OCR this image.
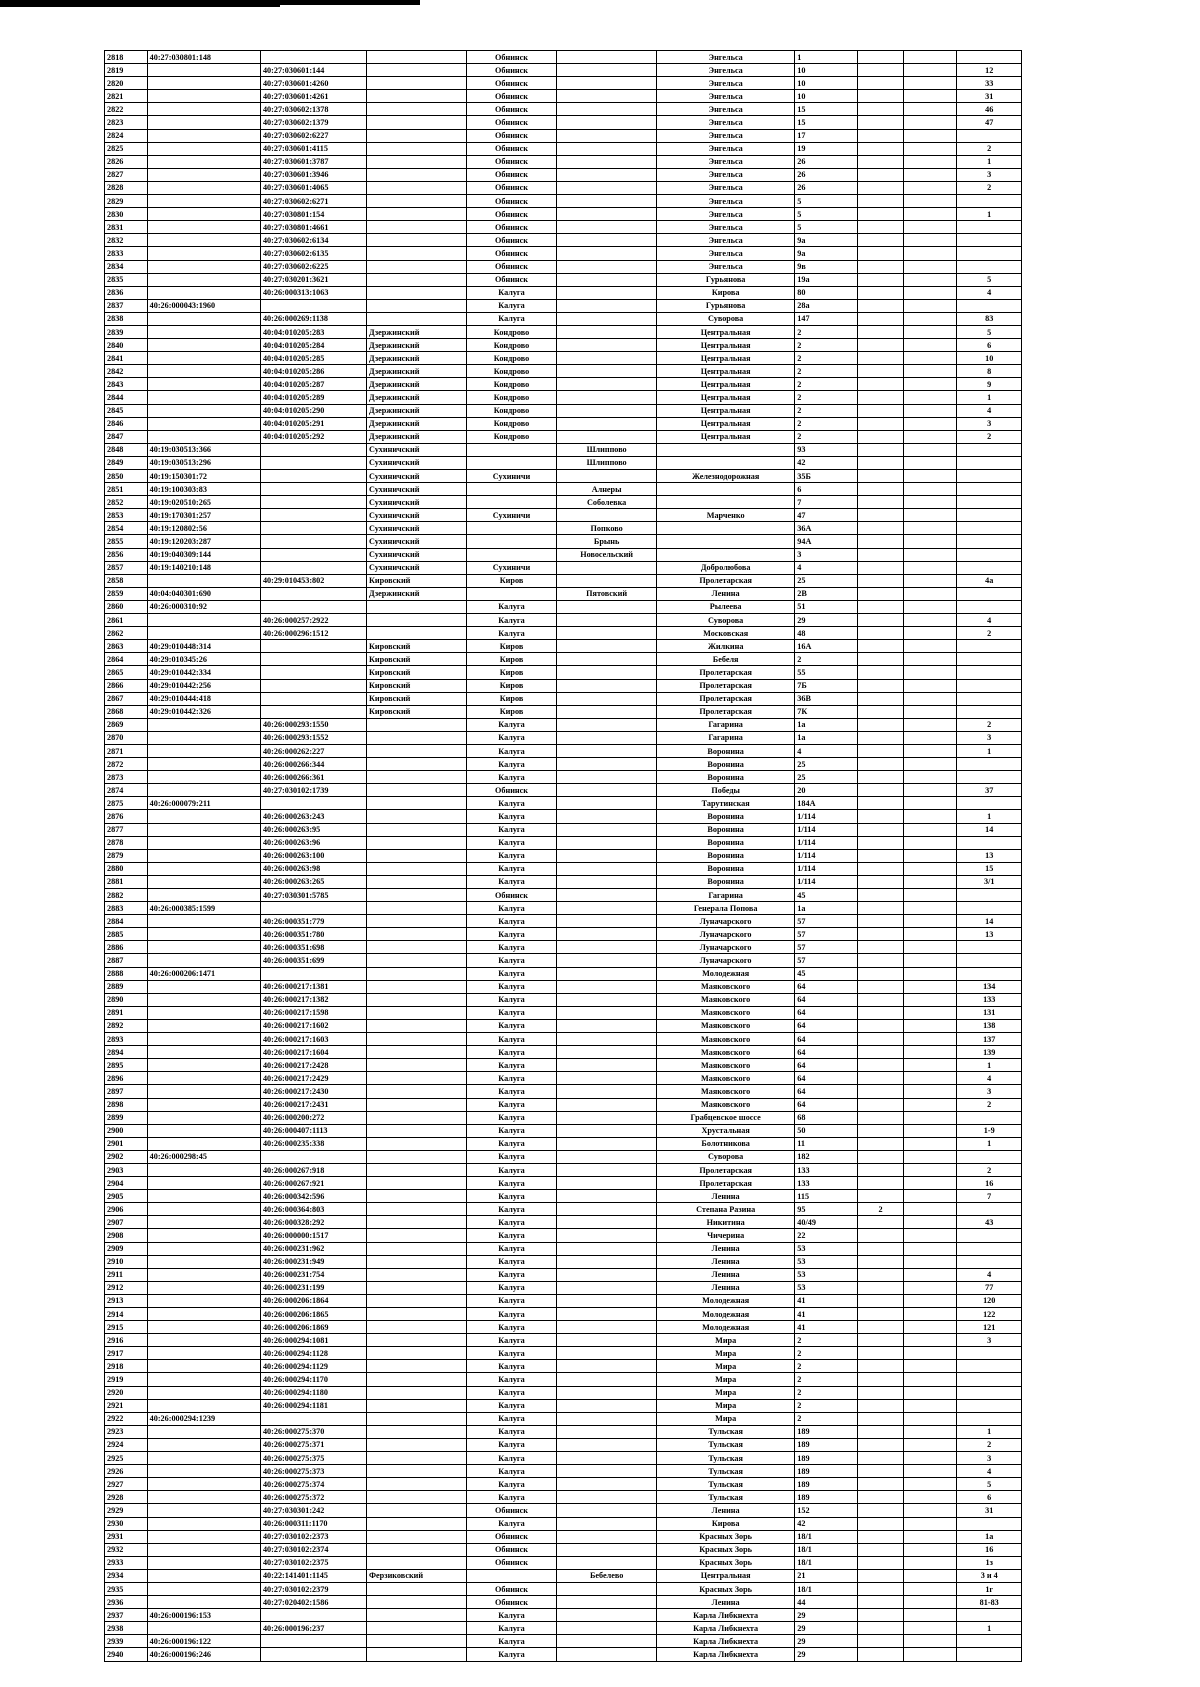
2818	40:27:030801:148			Обнинск		Энгельса	1			
2819		40:27:030601:144		Обнинск		Энгельса	10			12
2820		40:27:030601:4260		Обнинск		Энгельса	10			33
2821		40:27:030601:4261		Обнинск		Энгельса	10			31
2822		40:27:030602:1378		Обнинск		Энгельса	15			46
2823		40:27:030602:1379		Обнинск		Энгельса	15			47
2824		40:27:030602:6227		Обнинск		Энгельса	17			
2825		40:27:030601:4115		Обнинск		Энгельса	19			2
2826		40:27:030601:3787		Обнинск		Энгельса	26			1
2827		40:27:030601:3946		Обнинск		Энгельса	26			3
2828		40:27:030601:4065		Обнинск		Энгельса	26			2
2829		40:27:030602:6271		Обнинск		Энгельса	5			
2830		40:27:030801:154		Обнинск		Энгельса	5			1
2831		40:27:030801:4661		Обнинск		Энгельса	5			
2832		40:27:030602:6134		Обнинск		Энгельса	9а			
2833		40:27:030602:6135		Обнинск		Энгельса	9а			
2834		40:27:030602:6225		Обнинск		Энгельса	9в			
2835		40:27:030201:3621		Обнинск		Гурьянова	19а			5
2836		40:26:000313:1063		Калуга		Кирова	80			4
2837	40:26:000043:1960			Калуга		Гурьянова	28а			
2838		40:26:000269:1138		Калуга		Суворова	147			83
2839		40:04:010205:283	Дзержинский	Кондрово		Центральная	2			5
2840		40:04:010205:284	Дзержинский	Кондрово		Центральная	2			6
2841		40:04:010205:285	Дзержинский	Кондрово		Центральная	2			10
2842		40:04:010205:286	Дзержинский	Кондрово		Центральная	2			8
2843		40:04:010205:287	Дзержинский	Кондрово		Центральная	2			9
2844		40:04:010205:289	Дзержинский	Кондрово		Центральная	2			1
2845		40:04:010205:290	Дзержинский	Кондрово		Центральная	2			4
2846		40:04:010205:291	Дзержинский	Кондрово		Центральная	2			3
2847		40:04:010205:292	Дзержинский	Кондрово		Центральная	2			2
2848	40:19:030513:366		Сухиничский		Шлиппово		93			
2849	40:19:030513:296		Сухиничский		Шлиппово		42			
2850	40:19:150301:72		Сухиничский	Сухиничи		Железнодорожная	35Б			
2851	40:19:100303:83		Сухиничский		Алнеры		6			
2852	40:19:020510:265		Сухиничский		Соболевка		7			
2853	40:19:170301:257		Сухиничский	Сухиничи		Марченко	47			
2854	40:19:120802:56		Сухиничский		Попково		36А			
2855	40:19:120203:287		Сухиничский		Брынь		94А			
2856	40:19:040309:144		Сухиничский		Новосельский		3			
2857	40:19:140210:148		Сухиничский	Сухиничи		Добролюбова	4			
2858		40:29:010453:802	Кировский	Киров		Пролетарская	25			4а
2859	40:04:040301:690		Дзержинский		Пятовский	Ленина	2В			
2860	40:26:000310:92			Калуга		Рылеева	51			
2861		40:26:000257:2922		Калуга		Суворова	29			4
2862		40:26:000296:1512		Калуга		Московская	48			2
2863	40:29:010448:314		Кировский	Киров		Жилкина	16А			
2864	40:29:010345:26		Кировский	Киров		Бебеля	2			
2865	40:29:010442:334		Кировский	Киров		Пролетарская	55			
2866	40:29:010442:256		Кировский	Киров		Пролетарская	7Б			
2867	40:29:010444:418		Кировский	Киров		Пролетарская	36В			
2868	40:29:010442:326		Кировский	Киров		Пролетарская	7К			
2869		40:26:000293:1550		Калуга		Гагарина	1а			2
2870		40:26:000293:1552		Калуга		Гагарина	1а			3
2871		40:26:000262:227		Калуга		Воронина	4			1
2872		40:26:000266:344		Калуга		Воронина	25			
2873		40:26:000266:361		Калуга		Воронина	25			
2874		40:27:030102:1739		Обнинск		Победы	20			37
2875	40:26:000079:211			Калуга		Тарутинская	184А			
2876		40:26:000263:243		Калуга		Воронина	1/114			1
2877		40:26:000263:95		Калуга		Воронина	1/114			14
2878		40:26:000263:96		Калуга		Воронина	1/114			
2879		40:26:000263:100		Калуга		Воронина	1/114			13
2880		40:26:000263:98		Калуга		Воронина	1/114			15
2881		40:26:000263:265		Калуга		Воронина	1/114			3/1
2882		40:27:030301:5785		Обнинск		Гагарина	45			
2883	40:26:000385:1599			Калуга		Генерала Попова	1а			
2884		40:26:000351:779		Калуга		Луначарского	57			14
2885		40:26:000351:780		Калуга		Луначарского	57			13
2886		40:26:000351:698		Калуга		Луначарского	57			
2887		40:26:000351:699		Калуга		Луначарского	57			
2888	40:26:000206:1471			Калуга		Молодежная	45			
2889		40:26:000217:1381		Калуга		Маяковского	64			134
2890		40:26:000217:1382		Калуга		Маяковского	64			133
2891		40:26:000217:1598		Калуга		Маяковского	64			131
2892		40:26:000217:1602		Калуга		Маяковского	64			138
2893		40:26:000217:1603		Калуга		Маяковского	64			137
2894		40:26:000217:1604		Калуга		Маяковского	64			139
2895		40:26:000217:2428		Калуга		Маяковского	64			1
2896		40:26:000217:2429		Калуга		Маяковского	64			4
2897		40:26:000217:2430		Калуга		Маяковского	64			3
2898		40:26:000217:2431		Калуга		Маяковского	64			2
2899		40:26:000200:272		Калуга		Грабцевское шоссе	68			
2900		40:26:000407:1113		Калуга		Хрустальная	50			1-9
2901		40:26:000235:338		Калуга		Болотникова	11			1
2902	40:26:000298:45			Калуга		Суворова	182			
2903		40:26:000267:918		Калуга		Пролетарская	133			2
2904		40:26:000267:921		Калуга		Пролетарская	133			16
2905		40:26:000342:596		Калуга		Ленина	115			7
2906		40:26:000364:803		Калуга		Степана Разина	95	2		
2907		40:26:000328:292		Калуга		Никитина	40/49			43
2908		40:26:000000:1517		Калуга		Чичерина	22			
2909		40:26:000231:962		Калуга		Ленина	53			
2910		40:26:000231:949		Калуга		Ленина	53			
2911		40:26:000231:754		Калуга		Ленина	53			4
2912		40:26:000231:199		Калуга		Ленина	53			77
2913		40:26:000206:1864		Калуга		Молодежная	41			120
2914		40:26:000206:1865		Калуга		Молодежная	41			122
2915		40:26:000206:1869		Калуга		Молодежная	41			121
2916		40:26:000294:1081		Калуга		Мира	2			3
2917		40:26:000294:1128		Калуга		Мира	2			
2918		40:26:000294:1129		Калуга		Мира	2			
2919		40:26:000294:1170		Калуга		Мира	2			
2920		40:26:000294:1180		Калуга		Мира	2			
2921		40:26:000294:1181		Калуга		Мира	2			
2922	40:26:000294:1239			Калуга		Мира	2			
2923		40:26:000275:370		Калуга		Тульская	189			1
2924		40:26:000275:371		Калуга		Тульская	189			2
2925		40:26:000275:375		Калуга		Тульская	189			3
2926		40:26:000275:373		Калуга		Тульская	189			4
2927		40:26:000275:374		Калуга		Тульская	189			5
2928		40:26:000275:372		Калуга		Тульская	189			6
2929		40:27:030301:242		Обнинск		Ленина	152			31
2930		40:26:000311:1170		Калуга		Кирова	42			
2931		40:27:030102:2373		Обнинск		Красных Зорь	18/1			1а
2932		40:27:030102:2374		Обнинск		Красных Зорь	18/1			16
2933		40:27:030102:2375		Обнинск		Красных Зорь	18/1			1з
2934		40:22:141401:1145	Ферзиковский		Бебелево	Центральная	21			3 и 4
2935		40:27:030102:2379		Обнинск		Красных Зорь	18/1			1г
2936		40:27:020402:1586		Обнинск		Ленина	44			81-83
2937	40:26:000196:153			Калуга		Карла Либкнехта	29			
2938		40:26:000196:237		Калуга		Карла Либкнехта	29			1
2939	40:26:000196:122			Калуга		Карла Либкнехта	29			
2940	40:26:000196:246			Калуга		Карла Либкнехта	29			
